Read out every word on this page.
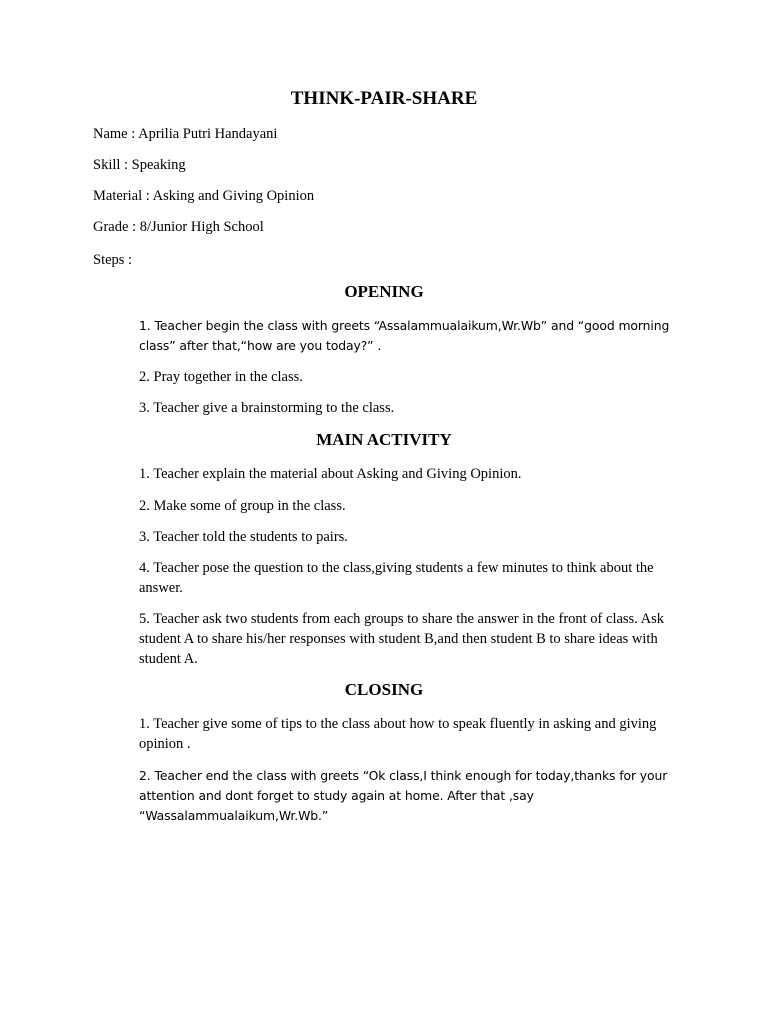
THINK-PAIR-SHARE
Name : Aprilia Putri Handayani
Skill : Speaking
Material : Asking and Giving Opinion
Grade : 8/Junior High School
Steps :
OPENING

1. Teacher begin the class with greets “Assalammualaikum,Wr.Wb” and “good morning class” after that,“how are you today?” .

2. Pray together in the class.

3. Teacher give a brainstorming to the class.

MAIN ACTIVITY

1. Teacher explain the material about Asking and Giving Opinion.

2. Make some of group in the class.

3. Teacher told the students to pairs.

4. Teacher pose the question to the class,giving students a few minutes to think about the answer.

5. Teacher ask two students from each groups to share the answer in the front of class. Ask student A to share his/her responses with student B,and then student B to share ideas with student A.

CLOSING

1. Teacher give some of tips to the class about how to speak fluently in asking and giving opinion .

2. Teacher end the class with greets “Ok class,I think enough for today,thanks for your attention and dont forget to study again at home. After that ,say “Wassalammualaikum,Wr.Wb.”
